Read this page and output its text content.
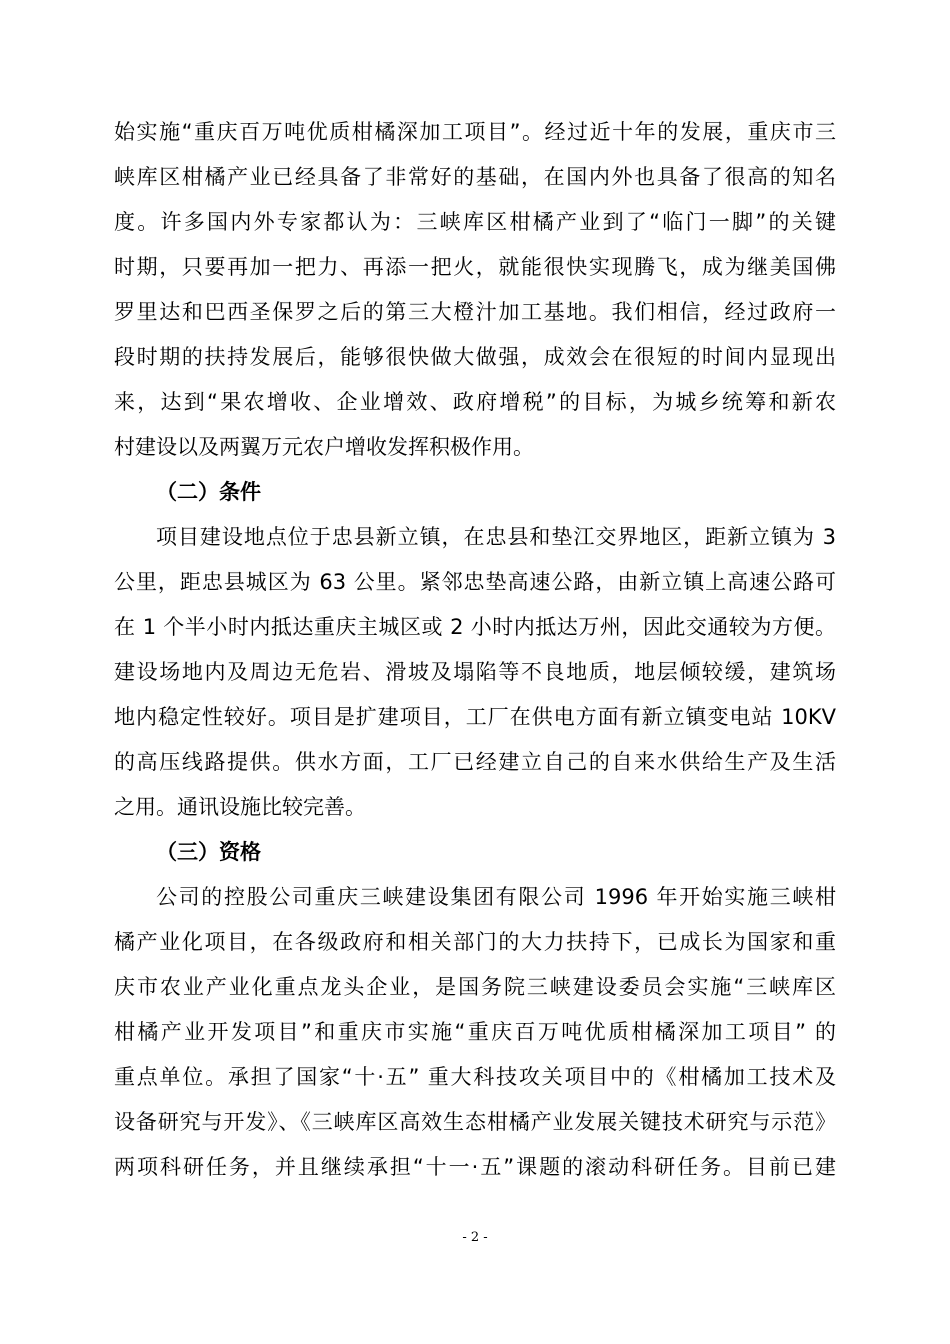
始实施“重庆百万吨优质柑橘深加工项目”。经过近十年的发展，重庆市三
峡库区柑橘产业已经具备了非常好的基础，在国内外也具备了很高的知名
度。许多国内外专家都认为：三峡库区柑橘产业到了“临门一脚”的关键
时期，只要再加一把力、再添一把火，就能很快实现腾飞，成为继美国佛
罗里达和巴西圣保罗之后的第三大橙汁加工基地。我们相信，经过政府一
段时期的扶持发展后，能够很快做大做强，成效会在很短的时间内显现出
来，达到“果农增收、企业增效、政府增税”的目标，为城乡统筹和新农
村建设以及两翼万元农户增收发挥积极作用。
（二）条件
项目建设地点位于忠县新立镇，在忠县和垫江交界地区，距新立镇为 3
公里，距忠县城区为 63 公里。紧邻忠垫高速公路，由新立镇上高速公路可
在 1 个半小时内抵达重庆主城区或 2 小时内抵达万州，因此交通较为方便。
建设场地内及周边无危岩、滑坡及塌陷等不良地质，地层倾较缓，建筑场
地内稳定性较好。项目是扩建项目，工厂在供电方面有新立镇变电站 10KV
的高压线路提供。供水方面，工厂已经建立自己的自来水供给生产及生活
之用。通讯设施比较完善。
（三）资格
公司的控股公司重庆三峡建设集团有限公司 1996 年开始实施三峡柑
橘产业化项目，在各级政府和相关部门的大力扶持下，已成长为国家和重
庆市农业产业化重点龙头企业，是国务院三峡建设委员会实施“三峡库区
柑橘产业开发项目”和重庆市实施“重庆百万吨优质柑橘深加工项目” 的
重点单位。承担了国家“十·五” 重大科技攻关项目中的《柑橘加工技术及
设备研究与开发》、《三峡库区高效生态柑橘产业发展关键技术研究与示范》
两项科研任务，并且继续承担“十一·五”课题的滚动科研任务。目前已建
- 2 -
